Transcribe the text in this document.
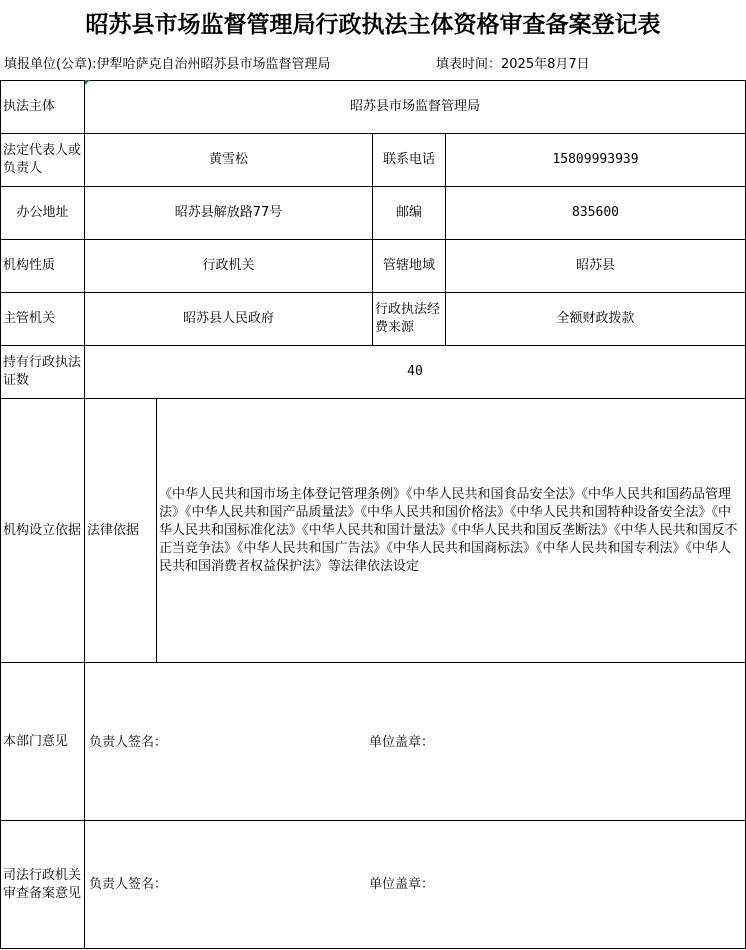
昭苏县市场监督管理局行政执法主体资格审查备案登记表
填报单位(公章):伊犁哈萨克自治州昭苏县市场监督管理局	填表时间：2025年8月7日
执法主体	昭苏县市场监督管理局			
法定代表人或负责人	黄雪松		联系电话	15809993939
办公地址	昭苏县解放路77号		邮编	835600
机构性质	行政机关		管辖地域	昭苏县
主管机关	昭苏县人民政府		行政执法经费来源	全额财政拨款
持有行政执法证数	40			
机构设立依据	法律依据	《中华人民共和国市场主体登记管理条例》《中华人民共和国食品安全法》《中华人民共和国药品管理法》《中华人民共和国产品质量法》《中华人民共和国价格法》《中华人民共和国特种设备安全法》《中华人民共和国标准化法》《中华人民共和国计量法》《中华人民共和国反垄断法》《中华人民共和国反不正当竞争法》《中华人民共和国广告法》《中华人民共和国商标法》《中华人民共和国专利法》《中华人民共和国消费者权益保护法》等法律依法设定		
本部门意见	负责人签名： 单位盖章：			

司法行政机关审查备案意见	负责人签名： 单位盖章：			
